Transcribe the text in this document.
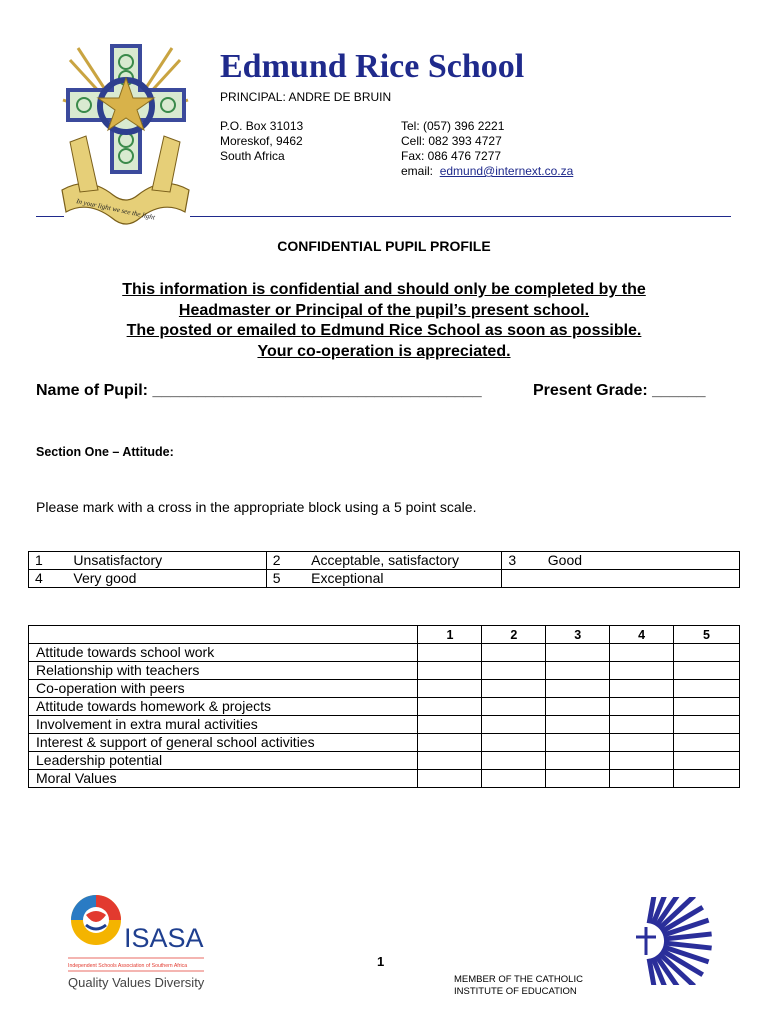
In your light we see the light
Edmund Rice School
PRINCIPAL: ANDRE DE BRUIN
P.O. Box 31013
Moreskof, 9462
South Africa
Tel: (057) 396 2221
Cell: 082 393 4727
Fax: 086 476 7277
email:  edmund@internext.co.za
CONFIDENTIAL PUPIL PROFILE
This information is confidential and should only be completed by the
Headmaster or Principal of the pupil’s present school.
The posted or emailed to Edmund Rice School as soon as possible.
Your co-operation is appreciated.
Name of Pupil: _____________________________________	Present Grade: ______
Section One – Attitude:
Please mark with a cross in the appropriate block using a 5 point scale.
1	Unsatisfactory	2	Acceptable, satisfactory	3	Good
4	Very good	5	Exceptional		
	1	2	3	4	5
Attitude towards school work					
Relationship with teachers					
Co-operation with peers					
Attitude towards homework & projects					
Involvement in extra mural activities					
Interest & support of general school activities					
Leadership potential					
Moral Values					
ISASA
Independent Schools Association of Southern Africa
Quality Values Diversity
1
MEMBER OF THE CATHOLIC
INSTITUTE OF EDUCATION
